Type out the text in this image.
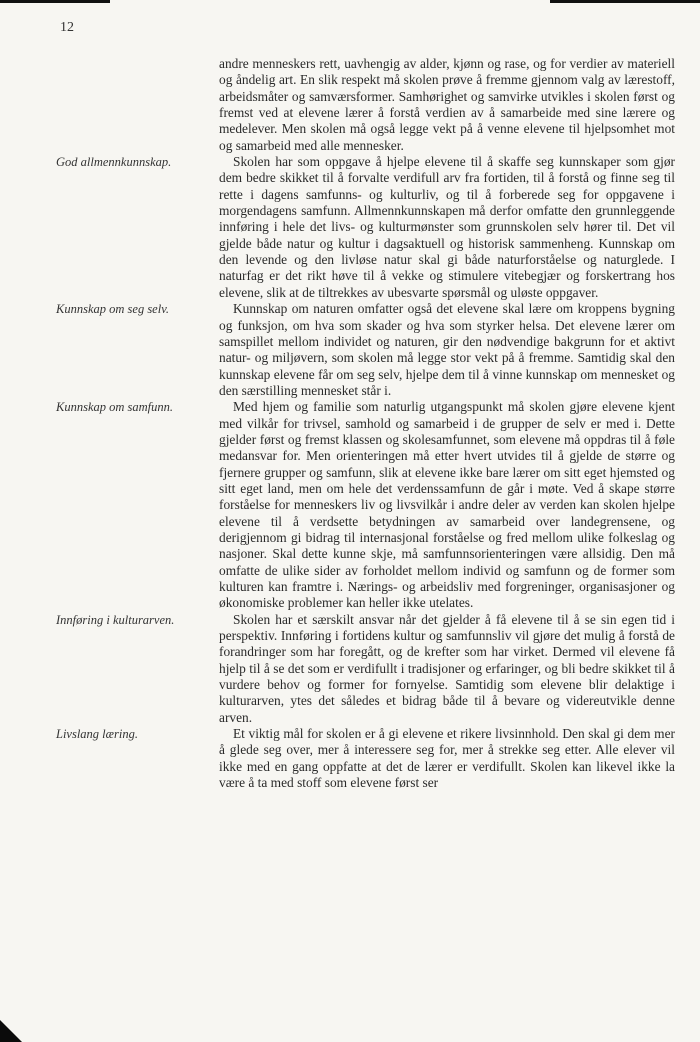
12

andre menneskers rett, uavhengig av alder, kjønn og rase, og for verdier av materiell og åndelig art. En slik respekt må skolen prøve å fremme gjennom valg av lærestoff, arbeidsmåter og samværsformer. Samhørighet og samvirke utvikles i skolen først og fremst ved at elevene lærer å forstå verdien av å samarbeide med sine lærere og medelever. Men skolen må også legge vekt på å venne elevene til hjelpsomhet mot og samarbeid med alle mennesker.

God allmennkunnskap.	Skolen har som oppgave å hjelpe elevene til å skaffe seg kunnskaper som gjør dem bedre skikket til å forvalte verdifull arv fra fortiden, til å forstå og finne seg til rette i dagens samfunns- og kulturliv, og til å forberede seg for oppgavene i morgendagens samfunn. Allmennkunnskapen må derfor omfatte den grunnleggende innføring i hele det livs- og kulturmønster som grunnskolen selv hører til. Det vil gjelde både natur og kultur i dagsaktuell og historisk sammenheng. Kunnskap om den levende og den livløse natur skal gi både naturforståelse og naturglede. I naturfag er det rikt høve til å vekke og stimulere vitebegjær og forskertrang hos elevene, slik at de tiltrekkes av ubesvarte spørsmål og uløste oppgaver.

Kunnskap om seg selv.	Kunnskap om naturen omfatter også det elevene skal lære om kroppens bygning og funksjon, om hva som skader og hva som styrker helsa. Det elevene lærer om samspillet mellom individet og naturen, gir den nødvendige bakgrunn for et aktivt natur- og miljøvern, som skolen må legge stor vekt på å fremme. Samtidig skal den kunnskap elevene får om seg selv, hjelpe dem til å vinne kunnskap om mennesket og den særstilling mennesket står i.

Kunnskap om samfunn.	Med hjem og familie som naturlig utgangspunkt må skolen gjøre elevene kjent med vilkår for trivsel, samhold og samarbeid i de grupper de selv er med i. Dette gjelder først og fremst klassen og skolesamfunnet, som elevene må oppdras til å føle medansvar for. Men orienteringen må etter hvert utvides til å gjelde de større og fjernere grupper og samfunn, slik at elevene ikke bare lærer om sitt eget hjemsted og sitt eget land, men om hele det verdenssamfunn de går i møte. Ved å skape større forståelse for menneskers liv og livsvilkår i andre deler av verden kan skolen hjelpe elevene til å verdsette betydningen av samarbeid over landegrensene, og derigjennom gi bidrag til internasjonal forståelse og fred mellom ulike folkeslag og nasjoner. Skal dette kunne skje, må samfunnsorienteringen være allsidig. Den må omfatte de ulike sider av forholdet mellom individ og samfunn og de former som kulturen kan framtre i. Nærings- og arbeidsliv med forgreninger, organisasjoner og økonomiske problemer kan heller ikke utelates.

Innføring i kulturarven.	Skolen har et særskilt ansvar når det gjelder å få elevene til å se sin egen tid i perspektiv. Innføring i fortidens kultur og samfunnsliv vil gjøre det mulig å forstå de forandringer som har foregått, og de krefter som har virket. Dermed vil elevene få hjelp til å se det som er verdifullt i tradisjoner og erfaringer, og bli bedre skikket til å vurdere behov og former for fornyelse. Samtidig som elevene blir delaktige i kulturarven, ytes det således et bidrag både til å bevare og videreutvikle denne arven.

Livslang læring.	Et viktig mål for skolen er å gi elevene et rikere livsinnhold. Den skal gi dem mer å glede seg over, mer å interessere seg for, mer å strekke seg etter. Alle elever vil ikke med en gang oppfatte at det de lærer er verdifullt. Skolen kan likevel ikke la være å ta med stoff som elevene først ser
